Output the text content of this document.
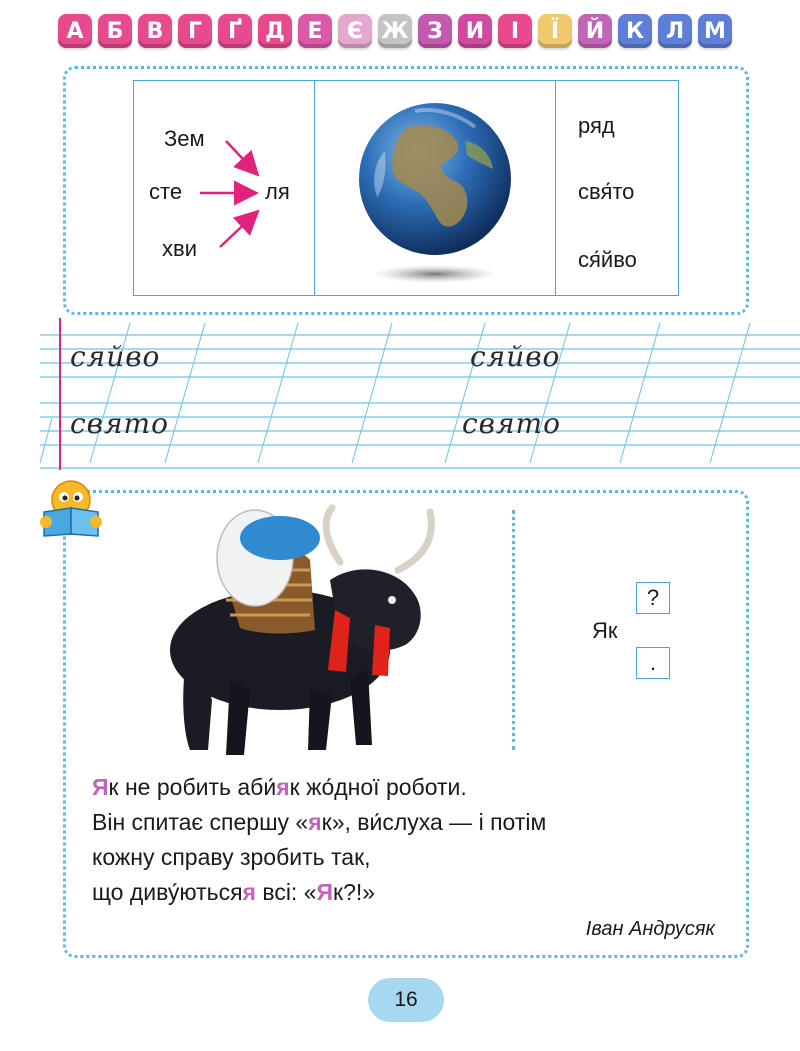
А	Б	В	Г	Ґ	Д	Е	Є Ж З	И	І	Ї	Й К Л М
Зем
сте
хви
ля
ряд
свя́то
ся́йво
сяйво	сяйво
свято	свято
Як
?
.

Як не робить аби́як жо́дної роботи.

Він спитає спершу «як», ви́слуха — і потім

кожну справу зробить так,

що диву́ютьсяя всі: «Як?!»

Іван Андрусяк
16
